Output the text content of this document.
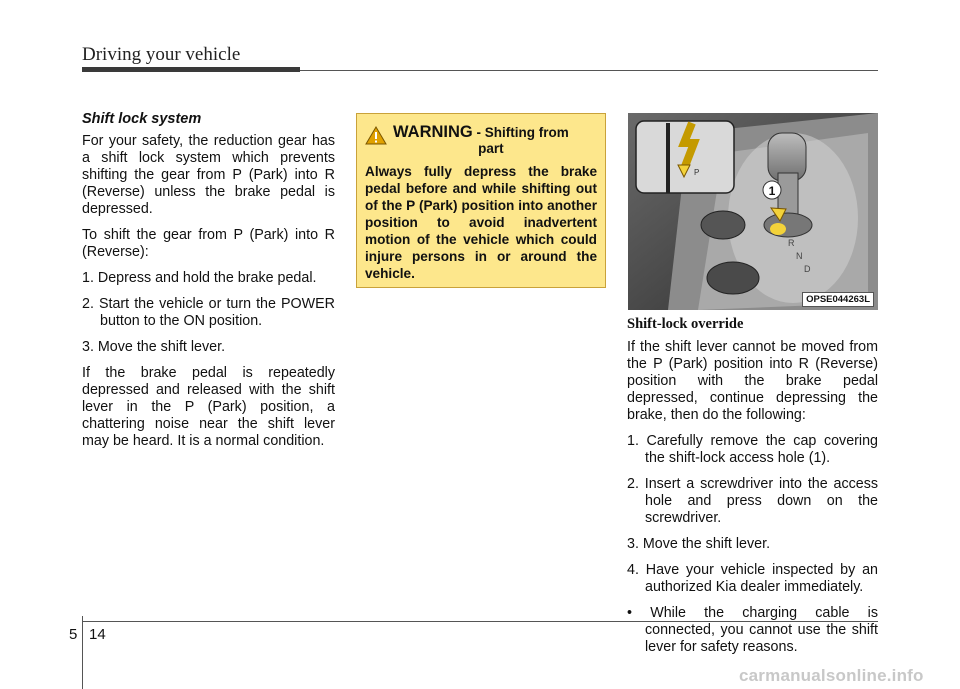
Driving your vehicle
Shift lock system

For your safety, the reduction gear has a shift lock system which prevents shifting the gear from P (Park) into R (Reverse) unless the brake pedal is depressed.

To shift the gear from P (Park) into R (Reverse):

1. Depress and hold the brake pedal.

2. Start the vehicle or turn the POWER button to the ON position.

3. Move the shift lever.

If the brake pedal is repeatedly depressed and released with the shift lever in the P (Park) position, a chattering noise near the shift lever may be heard. It is a normal condition.

WARNING - Shifting from
part
Always fully depress the brake pedal before and while shifting out of the P (Park) position into another position to avoid inadvertent motion of the vehicle which could injure persons in or around the vehicle.
1
R
N
D
P
OPSE044263L
Shift-lock override

If the shift lever cannot be moved from the P (Park) position into R (Reverse) position with the brake pedal depressed, continue depressing the brake, then do the following:

1. Carefully remove the cap covering the shift-lock access hole (1).

2. Insert a screwdriver into the access hole and press down on the screwdriver.

3. Move the shift lever.

4. Have your vehicle inspected by an authorized Kia dealer immediately.

• While the charging cable is connected, you cannot use the shift lever for safety reasons.

5 14
carmanualsonline.info
